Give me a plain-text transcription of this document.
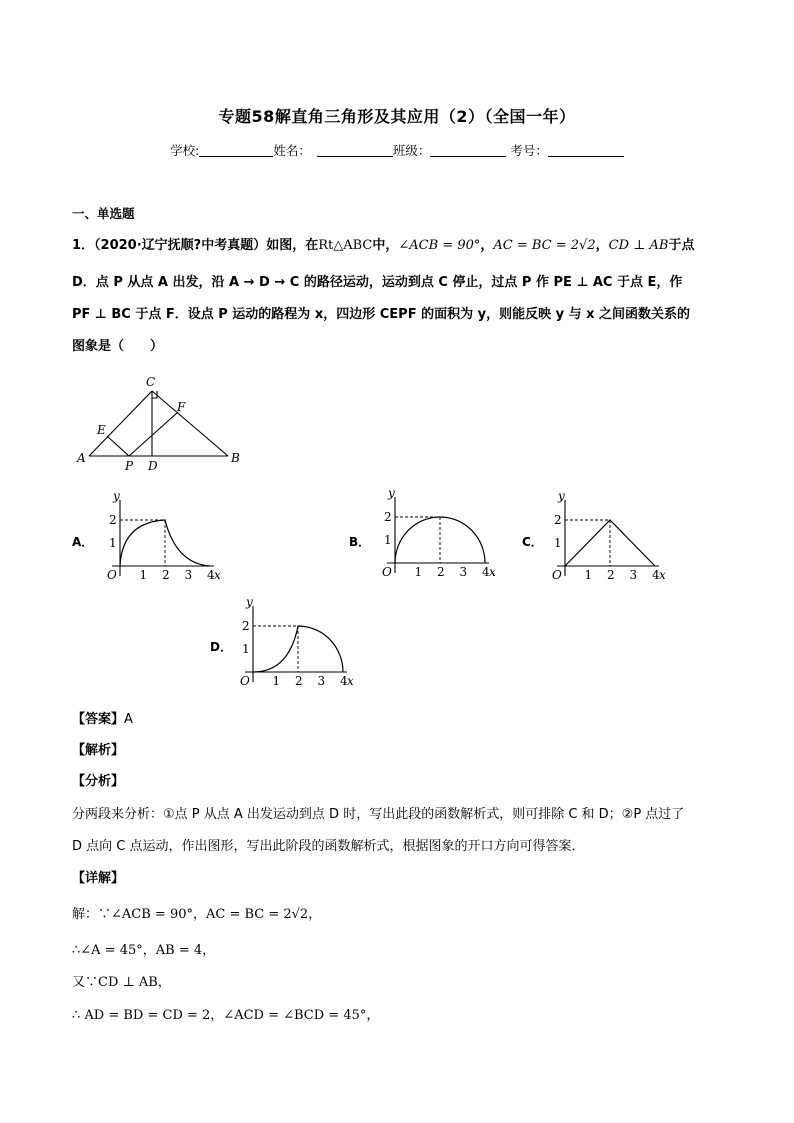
专题58解直角三角形及其应用（2）（全国一年）
学校:	姓名：	班级：	考号：
一、单选题
1．（2020·辽宁抚顺?中考真题）如图，在Rt△ABC中，∠ACB = 90°，AC = BC = 2√2，CD ⊥ AB于点
D．点 P 从点 A 出发，沿 A → D → C 的路径运动，运动到点 C 停止，过点 P 作 PE ⊥ AC 于点 E，作
PF ⊥ BC 于点 F．设点 P 运动的路程为 x，四边形 CEPF 的面积为 y，则能反映 y 与 x 之间函数关系的
图象是（　　）
C
F
E
A
P D
B
A．	B．	C．
D．
y
x
O 1 2 3 4
1
2
y
x
O 1 2 3 4
1
2
y
x
O 1 2 3 4
1
2
y
x
O 1 2 3 4
1
2
【答案】A
【解析】
【分析】
分两段来分析：①点 P 从点 A 出发运动到点 D 时，写出此段的函数解析式，则可排除 C 和 D；②P 点过了
D 点向 C 点运动，作出图形，写出此阶段的函数解析式，根据图象的开口方向可得答案．
【详解】
解：∵∠ACB = 90°，AC = BC = 2√2，
∴∠A = 45°，AB = 4，
又∵CD ⊥ AB，
∴ AD = BD = CD = 2，∠ACD = ∠BCD = 45°，
